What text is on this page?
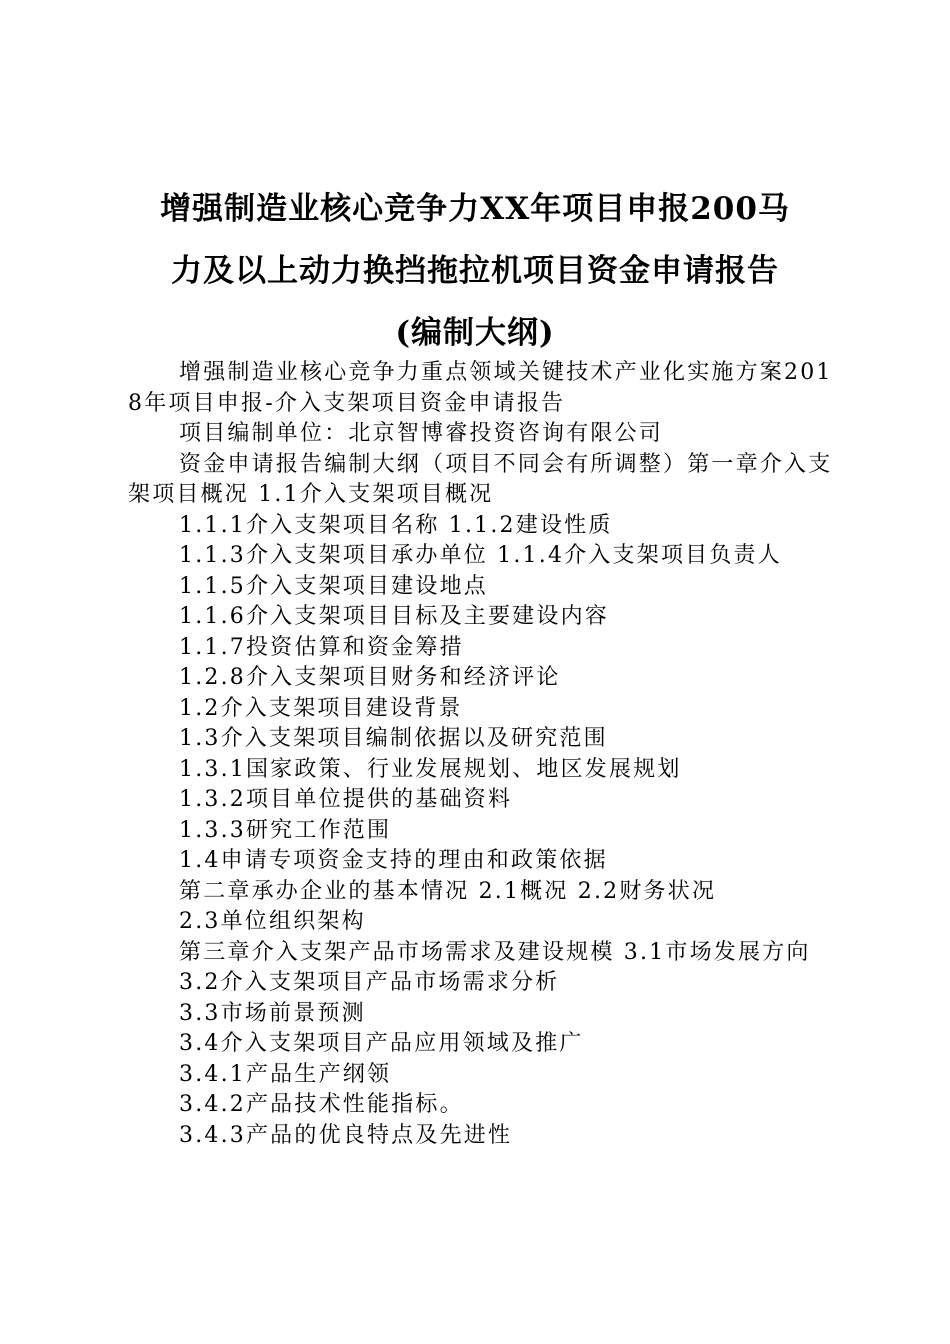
增强制造业核心竞争力XX年项目申报200马
力及以上动力换挡拖拉机项目资金申请报告
(编制大纲)

增强制造业核心竞争力重点领域关键技术产业化实施方案2018年项目申报-介入支架项目资金申请报告

项目编制单位：北京智博睿投资咨询有限公司

资金申请报告编制大纲（项目不同会有所调整）第一章介入支架项目概况 1.1介入支架项目概况

1.1.1介入支架项目名称 1.1.2建设性质

1.1.3介入支架项目承办单位 1.1.4介入支架项目负责人

1.1.5介入支架项目建设地点

1.1.6介入支架项目目标及主要建设内容

1.1.7投资估算和资金筹措

1.2.8介入支架项目财务和经济评论

1.2介入支架项目建设背景

1.3介入支架项目编制依据以及研究范围

1.3.1国家政策、行业发展规划、地区发展规划

1.3.2项目单位提供的基础资料

1.3.3研究工作范围

1.4申请专项资金支持的理由和政策依据

第二章承办企业的基本情况 2.1概况 2.2财务状况

2.3单位组织架构

第三章介入支架产品市场需求及建设规模 3.1市场发展方向

3.2介入支架项目产品市场需求分析

3.3市场前景预测

3.4介入支架项目产品应用领域及推广

3.4.1产品生产纲领

3.4.2产品技术性能指标。

3.4.3产品的优良特点及先进性
